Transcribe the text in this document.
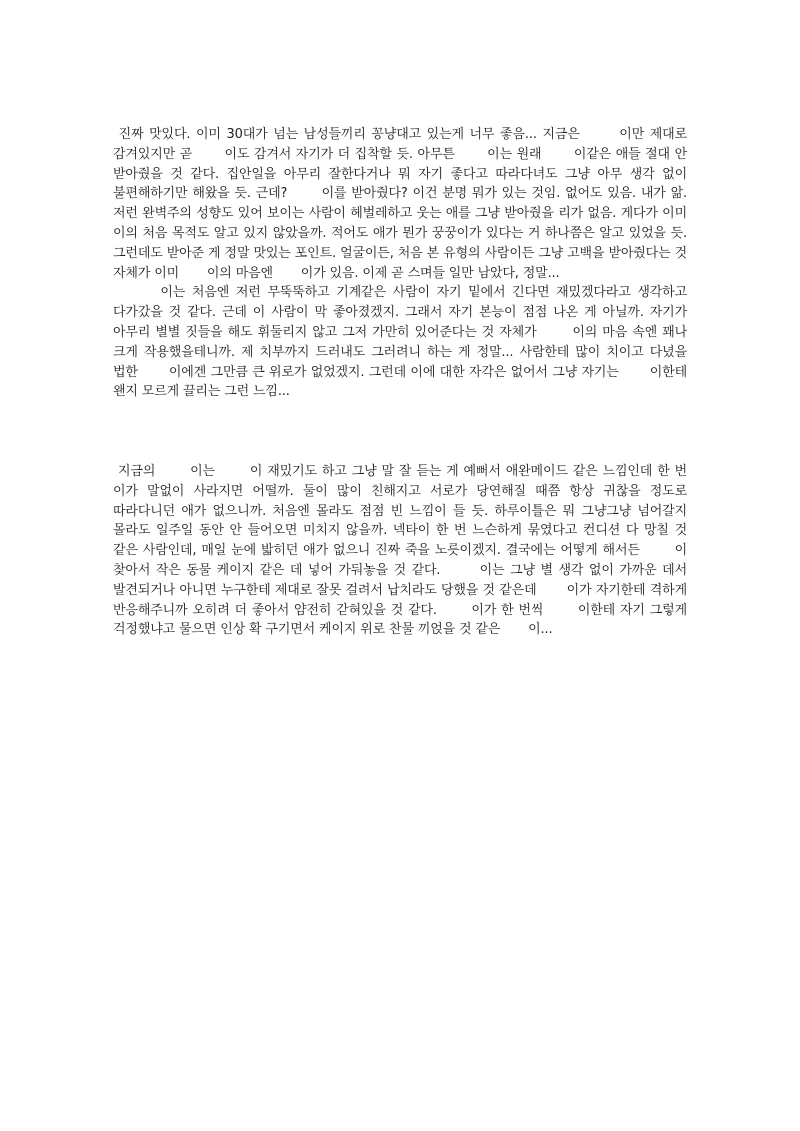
진짜 맛있다. 이미 30대가 넘는 남성들끼리 꽁냥대고 있는게 너무 좋음... 지금은       이만 제대로 감겨있지만 곧       이도 감겨서 자기가 더 집착할 듯. 아무튼       이는 원래       이같은 애들 절대 안 받아줬을 것 같다. 집안일을 아무리 잘한다거나 뭐 자기 좋다고 따라다녀도 그냥 아무 생각 없이 불편해하기만 해왔을 듯. 근데?       이를 받아줬다? 이건 분명 뭐가 있는 것임. 없어도 있음. 내가 앎. 저런 완벽주의 성향도 있어 보이는 사람이 헤벌레하고 웃는 애를 그냥 받아줬을 리가 없음. 게다가 이미       이의 처음 목적도 알고 있지 않았을까. 적어도 애가 뭔가 꿍꿍이가 있다는 거 하나쯤은 알고 있었을 듯. 그런데도 받아준 게 정말 맛있는 포인트. 얼굴이든, 처음 본 유형의 사람이든 그냥 고백을 받아줬다는 것 자체가 이미       이의 마음엔       이가 있음. 이제 곧 스며들 일만 남았다, 정말...

이는 처음엔 저런 무뚝뚝하고 기계같은 사람이 자기 밑에서 긴다면 재밌겠다라고 생각하고 다가갔을 것 같다. 근데 이 사람이 막 좋아졌겠지. 그래서 자기 본능이 점점 나온 게 아닐까. 자기가 아무리 별별 짓들을 해도 휘둘리지 않고 그저 가만히 있어준다는 것 자체가       이의 마음 속엔 꽤나 크게 작용했을테니까. 제 치부까지 드러내도 그러려니 하는 게 정말... 사람한테 많이 치이고 다녔을 법한       이에겐 그만큼 큰 위로가 없었겠지. 그런데 이에 대한 자각은 없어서 그냥 자기는       이한테 왠지 모르게 끌리는 그런 느낌...

지금의       이는       이 재밌기도 하고 그냥 말 잘 듣는 게 예뻐서 애완메이드 같은 느낌인데 한 번       이가 말없이 사라지면 어떨까. 둘이 많이 친해지고 서로가 당연해질 때쯤 항상 귀찮을 정도로 따라다니던 애가 없으니까. 처음엔 몰라도 점점 빈 느낌이 들 듯. 하루이틀은 뭐 그냥그냥 넘어갈지 몰라도 일주일 동안 안 들어오면 미치지 않을까. 넥타이 한 번 느슨하게 묶였다고 컨디션 다 망칠 것 같은 사람인데, 매일 눈에 밟히던 애가 없으니 진짜 죽을 노릇이겠지. 결국에는 어떻게 해서든       이 찾아서 작은 동물 케이지 같은 데 넣어 가둬놓을 것 같다.       이는 그냥 별 생각 없이 가까운 데서 발견되거나 아니면 누구한테 제대로 잘못 걸려서 납치라도 당했을 것 같은데       이가 자기한테 격하게 반응해주니까 오히려 더 좋아서 얌전히 갇혀있을 것 같다.       이가 한 번씩       이한테 자기 그렇게 걱정했냐고 물으면 인상 확 구기면서 케이지 위로 찬물 끼얹을 것 같은       이...
